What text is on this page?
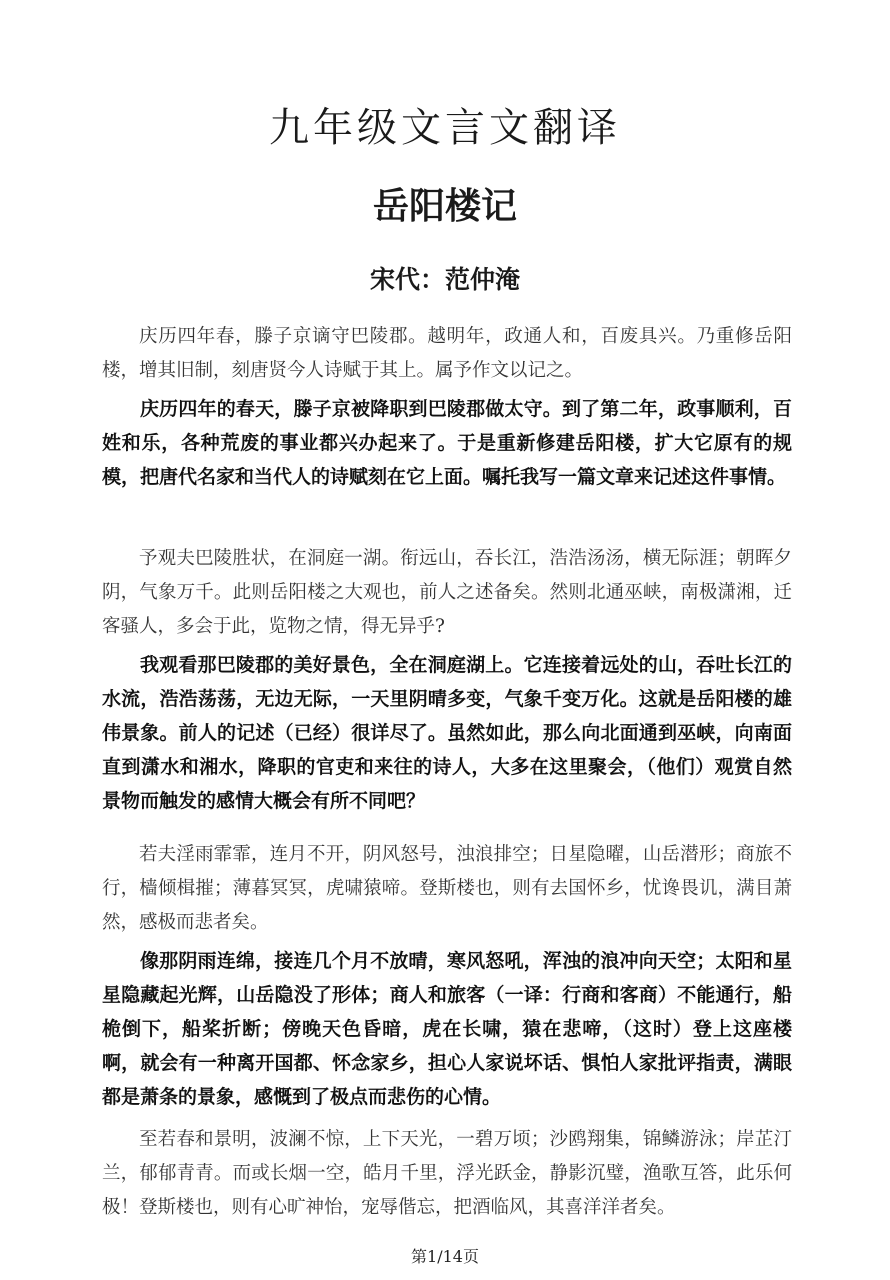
九年级文言文翻译
岳阳楼记
宋代：范仲淹

庆历四年春，滕子京谪守巴陵郡。越明年，政通人和，百废具兴。乃重修岳阳楼，增其旧制，刻唐贤今人诗赋于其上。属予作文以记之。

庆历四年的春天，滕子京被降职到巴陵郡做太守。到了第二年，政事顺利，百姓和乐，各种荒废的事业都兴办起来了。于是重新修建岳阳楼，扩大它原有的规模，把唐代名家和当代人的诗赋刻在它上面。嘱托我写一篇文章来记述这件事情。

予观夫巴陵胜状，在洞庭一湖。衔远山，吞长江，浩浩汤汤，横无际涯；朝晖夕阴，气象万千。此则岳阳楼之大观也，前人之述备矣。然则北通巫峡，南极潇湘，迁客骚人，多会于此，览物之情，得无异乎?

我观看那巴陵郡的美好景色，全在洞庭湖上。它连接着远处的山，吞吐长江的水流，浩浩荡荡，无边无际，一天里阴晴多变，气象千变万化。这就是岳阳楼的雄伟景象。前人的记述（已经）很详尽了。虽然如此，那么向北面通到巫峡，向南面直到潇水和湘水，降职的官吏和来往的诗人，大多在这里聚会，（他们）观赏自然景物而触发的感情大概会有所不同吧？

若夫淫雨霏霏，连月不开，阴风怒号，浊浪排空；日星隐曜，山岳潜形；商旅不行，樯倾楫摧；薄暮冥冥，虎啸猿啼。登斯楼也，则有去国怀乡，忧谗畏讥，满目萧然，感极而悲者矣。

像那阴雨连绵，接连几个月不放晴，寒风怒吼，浑浊的浪冲向天空；太阳和星星隐藏起光辉，山岳隐没了形体；商人和旅客（一译：行商和客商）不能通行，船桅倒下，船桨折断；傍晚天色昏暗，虎在长啸，猿在悲啼，（这时）登上这座楼啊，就会有一种离开国都、怀念家乡，担心人家说坏话、惧怕人家批评指责，满眼都是萧条的景象，感慨到了极点而悲伤的心情。

至若春和景明，波澜不惊，上下天光，一碧万顷；沙鸥翔集，锦鳞游泳；岸芷汀兰，郁郁青青。而或长烟一空，皓月千里，浮光跃金，静影沉璧，渔歌互答，此乐何极！登斯楼也，则有心旷神怡，宠辱偕忘，把酒临风，其喜洋洋者矣。

第1/14页
